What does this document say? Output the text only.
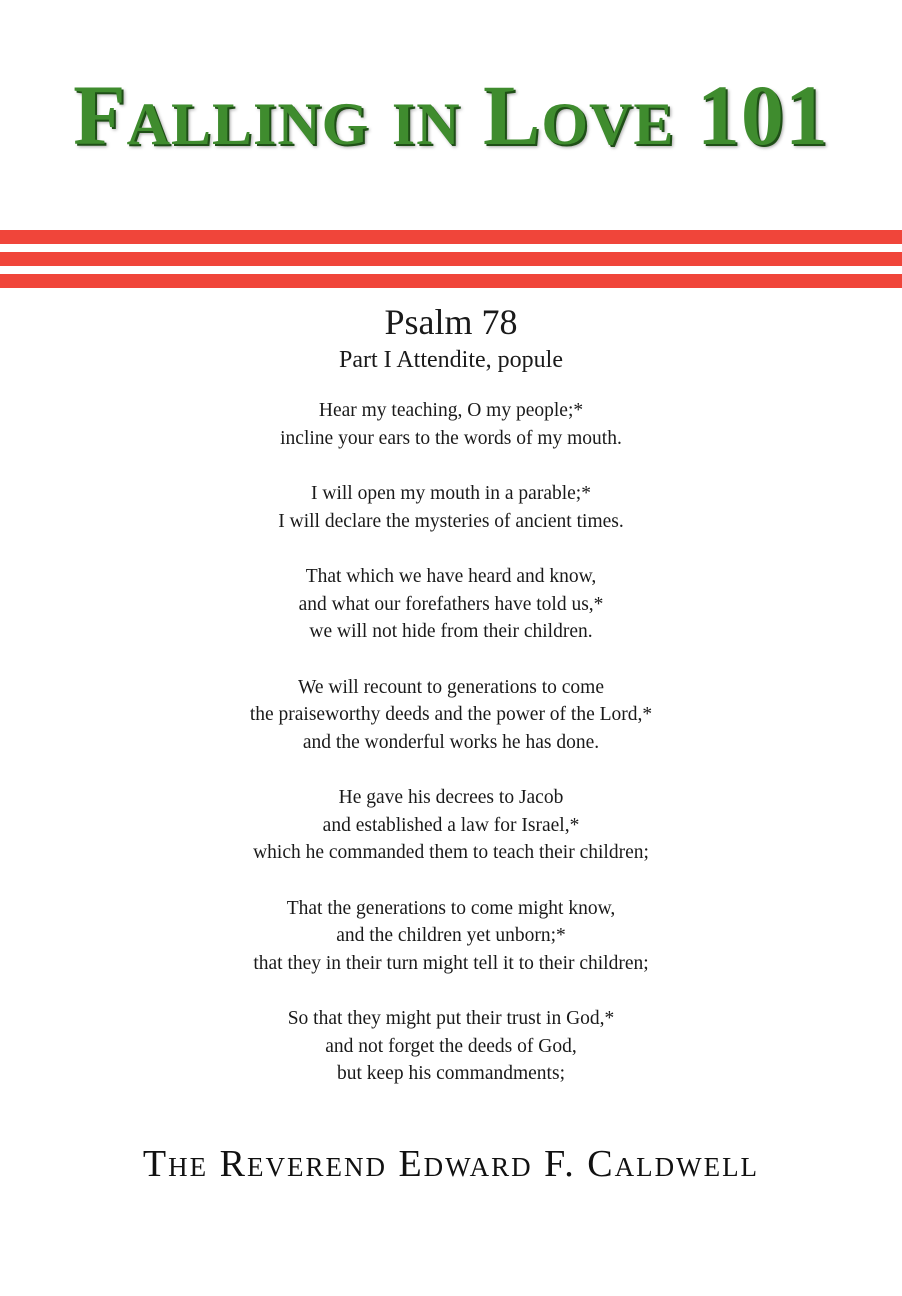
Falling in Love 101
Psalm 78
Part I Attendite, popule
Hear my teaching, O my people;*
incline your ears to the words of my mouth.
I will open my mouth in a parable;*
I will declare the mysteries of ancient times.
That which we have heard and know,
and what our forefathers have told us,*
we will not hide from their children.
We will recount to generations to come
the praiseworthy deeds and the power of the Lord,*
and the wonderful works he has done.
He gave his decrees to Jacob
and established a law for Israel,*
which he commanded them to teach their children;
That the generations to come might know,
and the children yet unborn;*
that they in their turn might tell it to their children;
So that they might put their trust in God,*
and not forget the deeds of God,
but keep his commandments;
The Reverend Edward F. Caldwell
